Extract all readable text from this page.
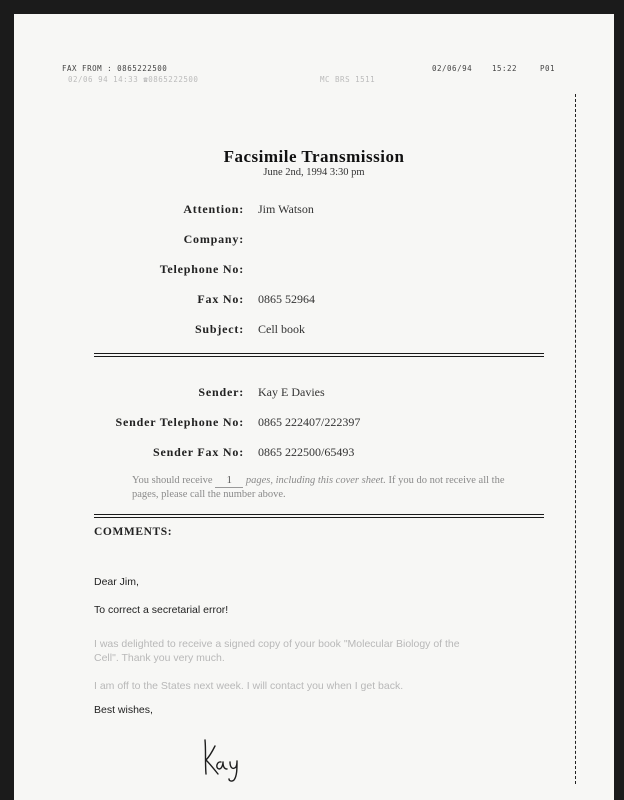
FAX FROM : 0865222500	02/06/94	15:22	P01
02/06 94 14:33 ☎0865222500	MC BRS 1511
Facsimile Transmission
June 2nd, 1994 3:30 pm
Attention: Jim Watson
Company:
Telephone No:
Fax No: 0865 52964
Subject: Cell book
Sender: Kay E Davies
Sender Telephone No: 0865 222407/222397
Sender Fax No: 0865 222500/65493
You should receive 1 pages, including this cover sheet. If you do not receive all the pages, please call the number above.
COMMENTS:
Dear Jim,
To correct a secretarial error!
I was delighted to receive a signed copy of your book "Molecular Biology of the
Cell". Thank you very much.
I am off to the States next week. I will contact you when I get back.
Best wishes,
